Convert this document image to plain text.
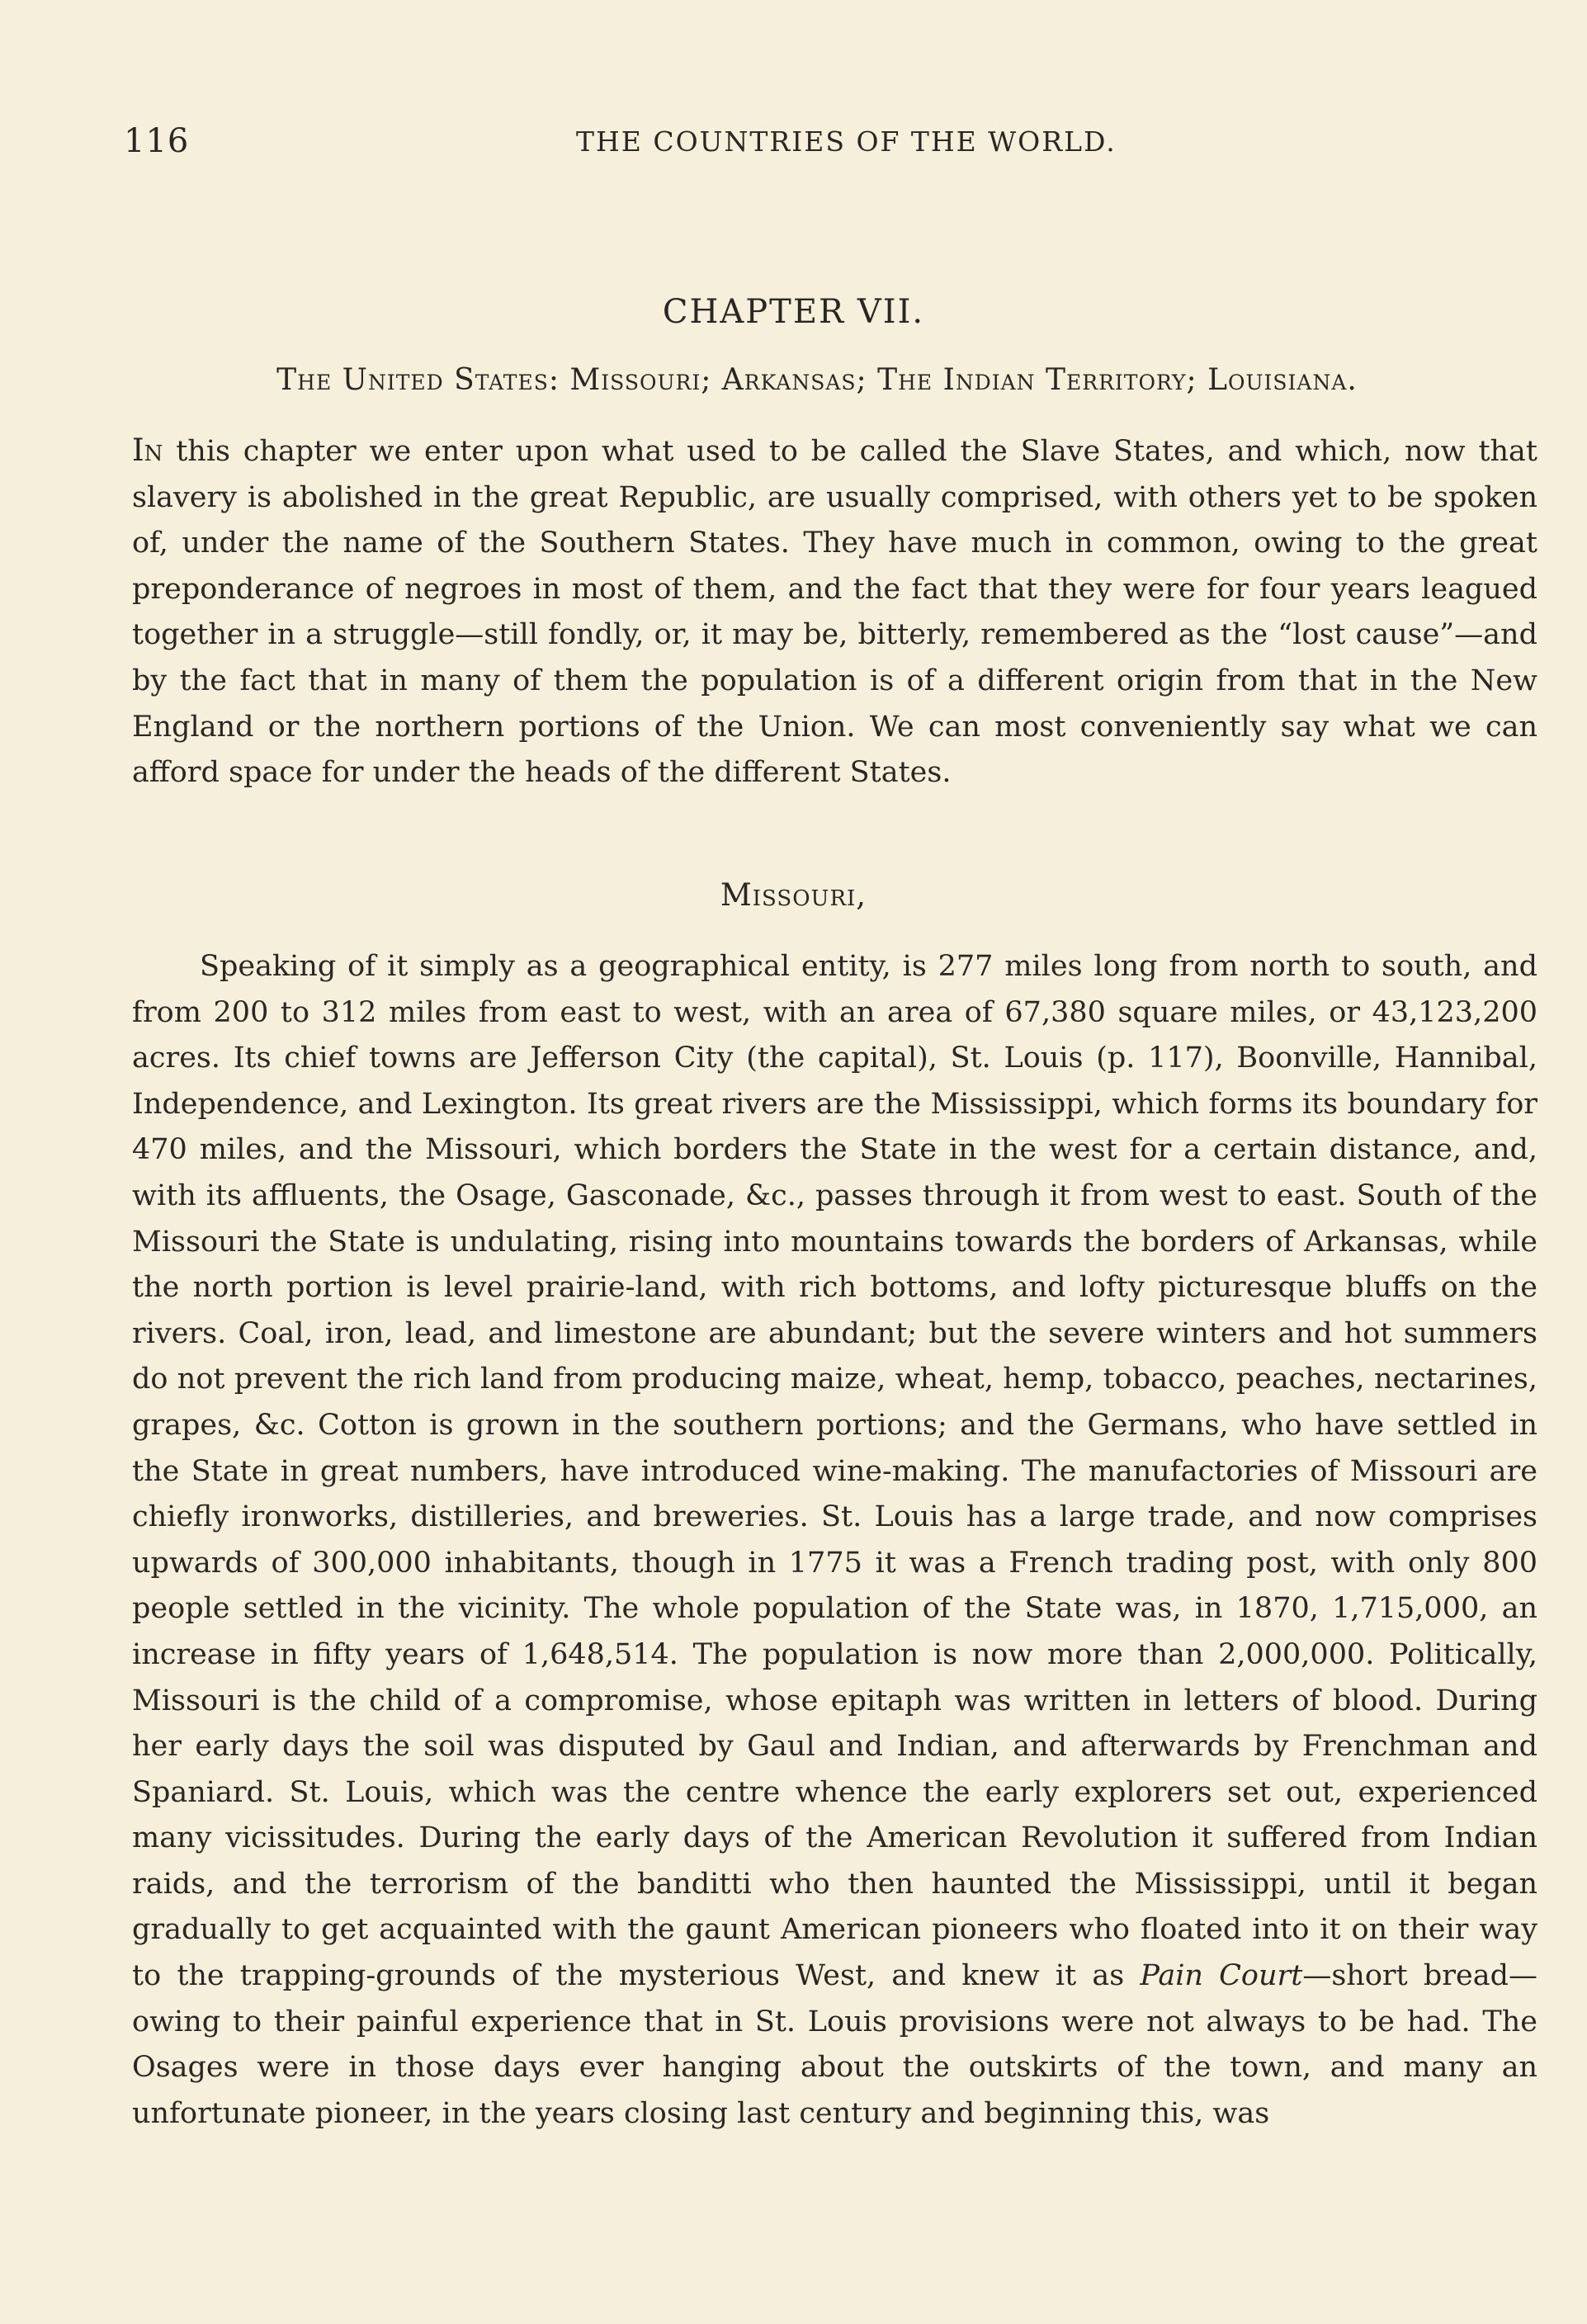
116	THE COUNTRIES OF THE WORLD.
CHAPTER VII.
The United States: Missouri; Arkansas; The Indian Territory; Louisiana.

In this chapter we enter upon what used to be called the Slave States, and which, now that slavery is abolished in the great Republic, are usually comprised, with others yet to be spoken of, under the name of the Southern States. They have much in common, owing to the great preponderance of negroes in most of them, and the fact that they were for four years leagued together in a struggle—still fondly, or, it may be, bitterly, remembered as the “lost cause”—and by the fact that in many of them the population is of a different origin from that in the New England or the northern portions of the Union. We can most conveniently say what we can afford space for under the heads of the different States.

Missouri,

Speaking of it simply as a geographical entity, is 277 miles long from north to south, and from 200 to 312 miles from east to west, with an area of 67,380 square miles, or 43,123,200 acres. Its chief towns are Jefferson City (the capital), St. Louis (p. 117), Boonville, Hannibal, Independence, and Lexington. Its great rivers are the Mississippi, which forms its boundary for 470 miles, and the Missouri, which borders the State in the west for a certain distance, and, with its affluents, the Osage, Gasconade, &c., passes through it from west to east. South of the Missouri the State is undulating, rising into mountains towards the borders of Arkansas, while the north portion is level prairie-land, with rich bottoms, and lofty picturesque bluffs on the rivers. Coal, iron, lead, and limestone are abundant; but the severe winters and hot summers do not prevent the rich land from producing maize, wheat, hemp, tobacco, peaches, nectarines, grapes, &c. Cotton is grown in the southern portions; and the Germans, who have settled in the State in great numbers, have introduced wine-making. The manufactories of Missouri are chiefly ironworks, distilleries, and breweries. St. Louis has a large trade, and now comprises upwards of 300,000 inhabitants, though in 1775 it was a French trading post, with only 800 people settled in the vicinity. The whole population of the State was, in 1870, 1,715,000, an increase in fifty years of 1,648,514. The population is now more than 2,000,000. Politically, Missouri is the child of a compromise, whose epitaph was written in letters of blood. During her early days the soil was disputed by Gaul and Indian, and afterwards by Frenchman and Spaniard. St. Louis, which was the centre whence the early explorers set out, experienced many vicissitudes. During the early days of the American Revolution it suffered from Indian raids, and the terrorism of the banditti who then haunted the Mississippi, until it began gradually to get acquainted with the gaunt American pioneers who floated into it on their way to the trapping-grounds of the mysterious West, and knew it as Pain Court—short bread—owing to their painful experience that in St. Louis provisions were not always to be had. The Osages were in those days ever hanging about the outskirts of the town, and many an unfortunate pioneer, in the years closing last century and beginning this, was
